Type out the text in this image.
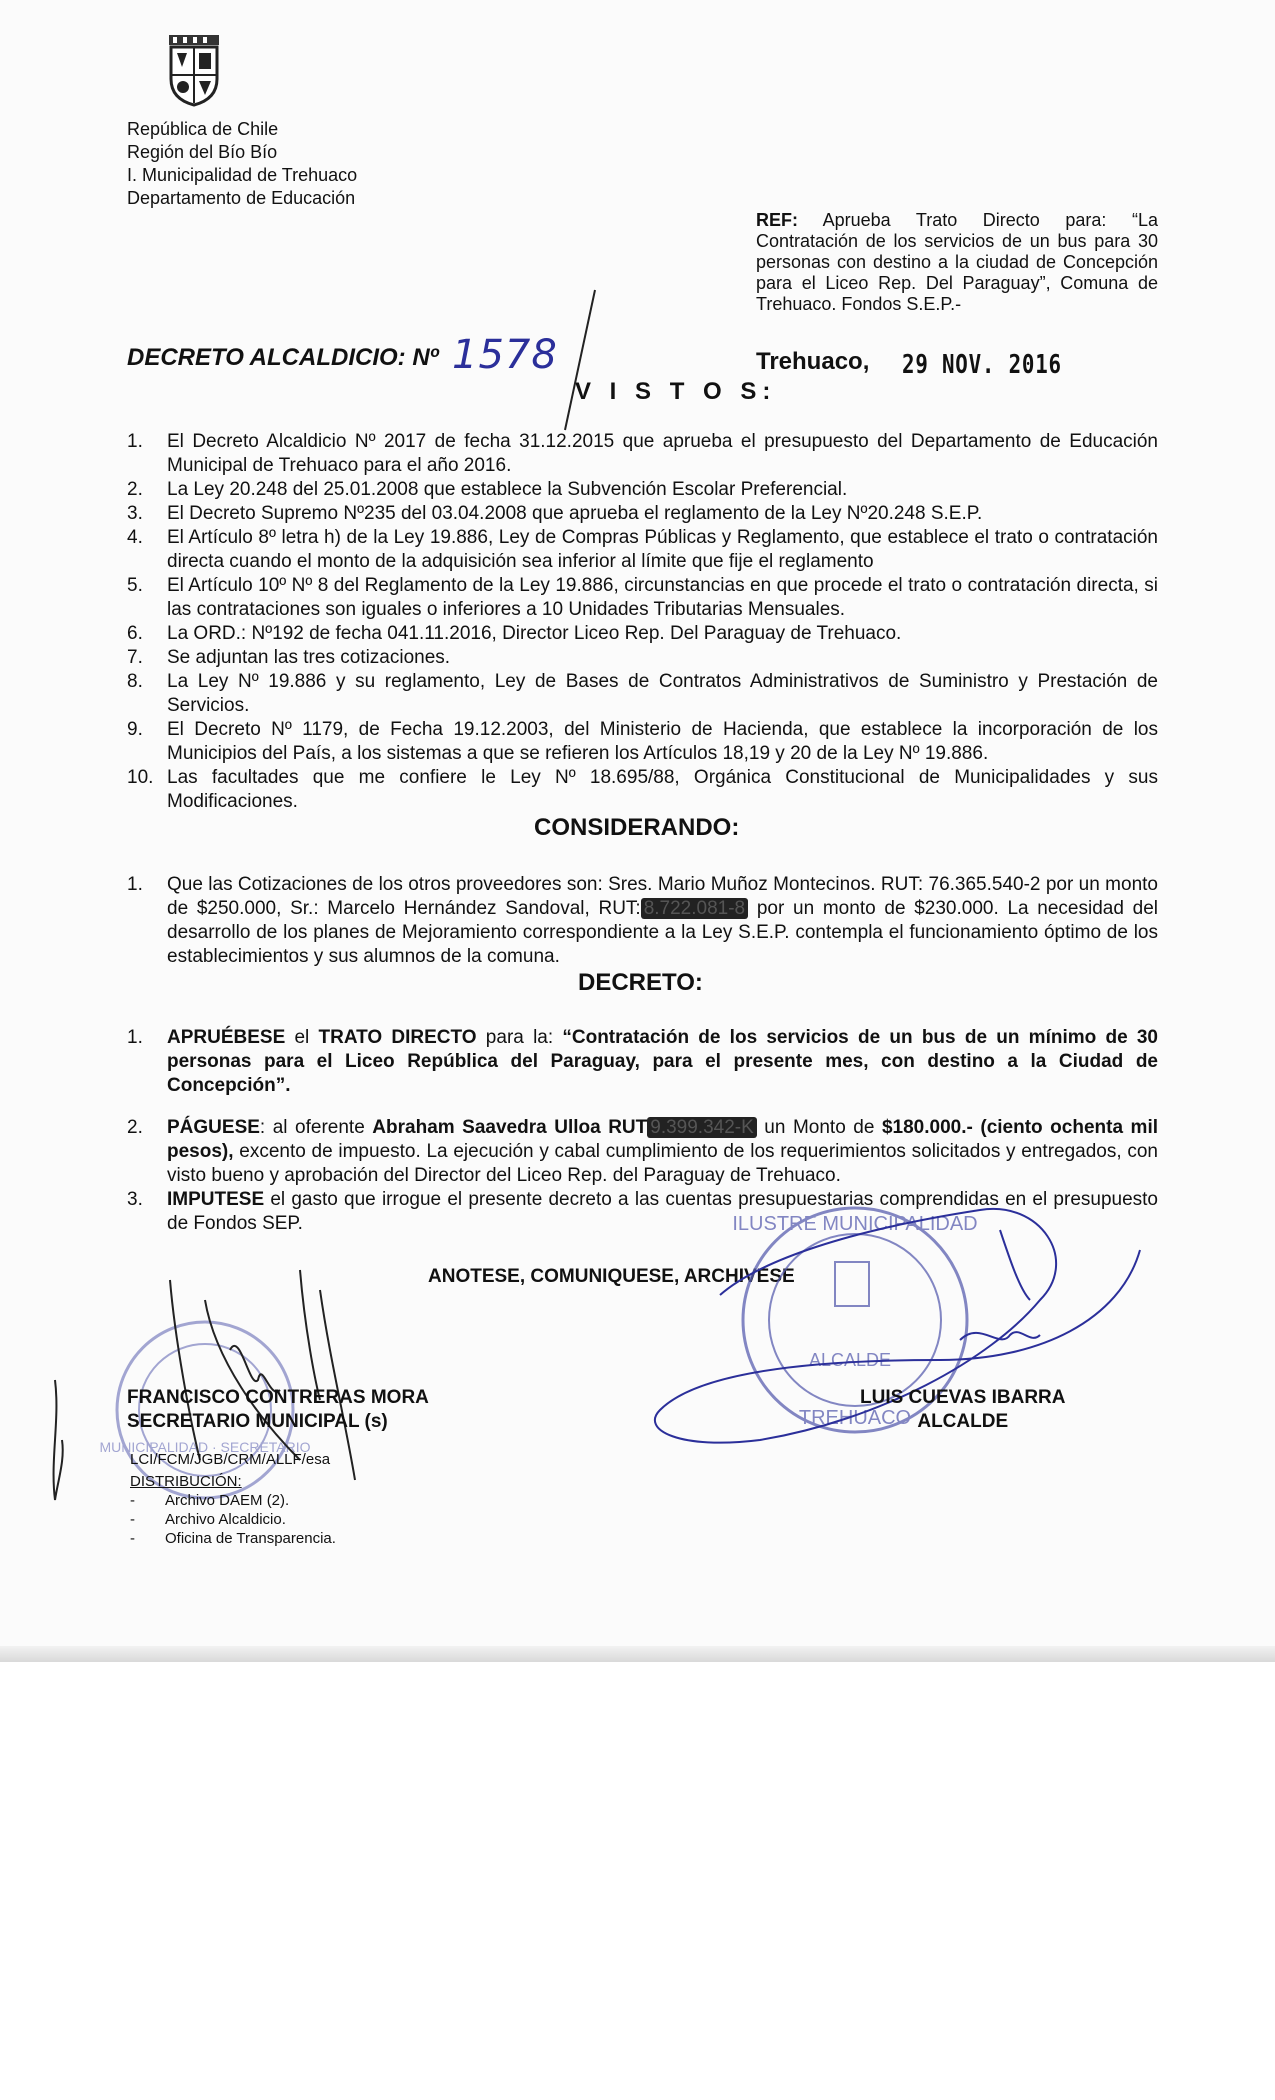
República de Chile
Región del Bío Bío
I. Municipalidad de Trehuaco
Departamento de Educación
REF: Aprueba Trato Directo para: “La Contratación de los servicios de un bus para 30 personas con destino a la ciudad de Concepción para el Liceo Rep. Del Paraguay”, Comuna de Trehuaco. Fondos S.E.P.-
DECRETO ALCALDICIO: Nº 1578	Trehuaco, 29 NOV. 2016
V I S T O S:
1.	El Decreto Alcaldicio Nº 2017 de fecha 31.12.2015 que aprueba el presupuesto del Departamento de Educación Municipal de Trehuaco para el año 2016.
2.	La Ley 20.248 del 25.01.2008 que establece la Subvención Escolar Preferencial.
3.	El Decreto Supremo Nº235 del 03.04.2008 que aprueba el reglamento de la Ley Nº20.248 S.E.P.
4.	El Artículo 8º letra h) de la Ley 19.886, Ley de Compras Públicas y Reglamento, que establece el trato o contratación directa cuando el monto de la adquisición sea inferior al límite que fije el reglamento
5.	El Artículo 10º Nº 8 del Reglamento de la Ley 19.886, circunstancias en que procede el trato o contratación directa, si las contrataciones son iguales o inferiores a 10 Unidades Tributarias Mensuales.
6.	La ORD.: Nº192 de fecha 041.11.2016, Director Liceo Rep. Del Paraguay de Trehuaco.
7.	Se adjuntan las tres cotizaciones.
8.	La Ley Nº 19.886 y su reglamento, Ley de Bases de Contratos Administrativos de Suministro y Prestación de Servicios.
9.	El Decreto Nº 1179, de Fecha 19.12.2003, del Ministerio de Hacienda, que establece la incorporación de los Municipios del País, a los sistemas a que se refieren los Artículos 18,19 y 20 de la Ley Nº 19.886.
10. Las facultades que me confiere le Ley Nº 18.695/88, Orgánica Constitucional de Municipalidades y sus Modificaciones.
CONSIDERANDO:
1.	Que las Cotizaciones de los otros proveedores son: Sres. Mario Muñoz Montecinos. RUT: 76.365.540-2 por un monto de $250.000, Sr.: Marcelo Hernández Sandoval, RUT: 8.722.081-8 por un monto de $230.000. La necesidad del desarrollo de los planes de Mejoramiento correspondiente a la Ley S.E.P. contempla el funcionamiento óptimo de los establecimientos y sus alumnos de la comuna.
DECRETO:
1.	APRUÉBESE el TRATO DIRECTO para la: “Contratación de los servicios de un bus de un mínimo de 30 personas para el Liceo República del Paraguay, para el presente mes, con destino a la Ciudad de Concepción”.
2.	PÁGUESE: al oferente Abraham Saavedra Ulloa RUT 9.399.342-K un Monto de $180.000.- (ciento ochenta mil pesos), excento de impuesto. La ejecución y cabal cumplimiento de los requerimientos solicitados y entregados, con visto bueno y aprobación del Director del Liceo Rep. del Paraguay de Trehuaco.
3.	IMPUTESE el gasto que irrogue el presente decreto a las cuentas presupuestarias comprendidas en el presupuesto de Fondos SEP.
ANOTESE, COMUNIQUESE, ARCHIVESE
MUNICIPALIDAD · SECRETARIO
ILUSTRE MUNICIPALIDAD
ALCALDE
TREHUACO
FRANCISCO CONTRERAS MORA
SECRETARIO MUNICIPAL (s)
LUIS CUEVAS IBARRA
ALCALDE
LCI/FCM/JGB/CRM/ALLF/esa
DISTRIBUCIÓN:
- Archivo DAEM (2).
- Archivo Alcaldicio.
- Oficina de Transparencia.
